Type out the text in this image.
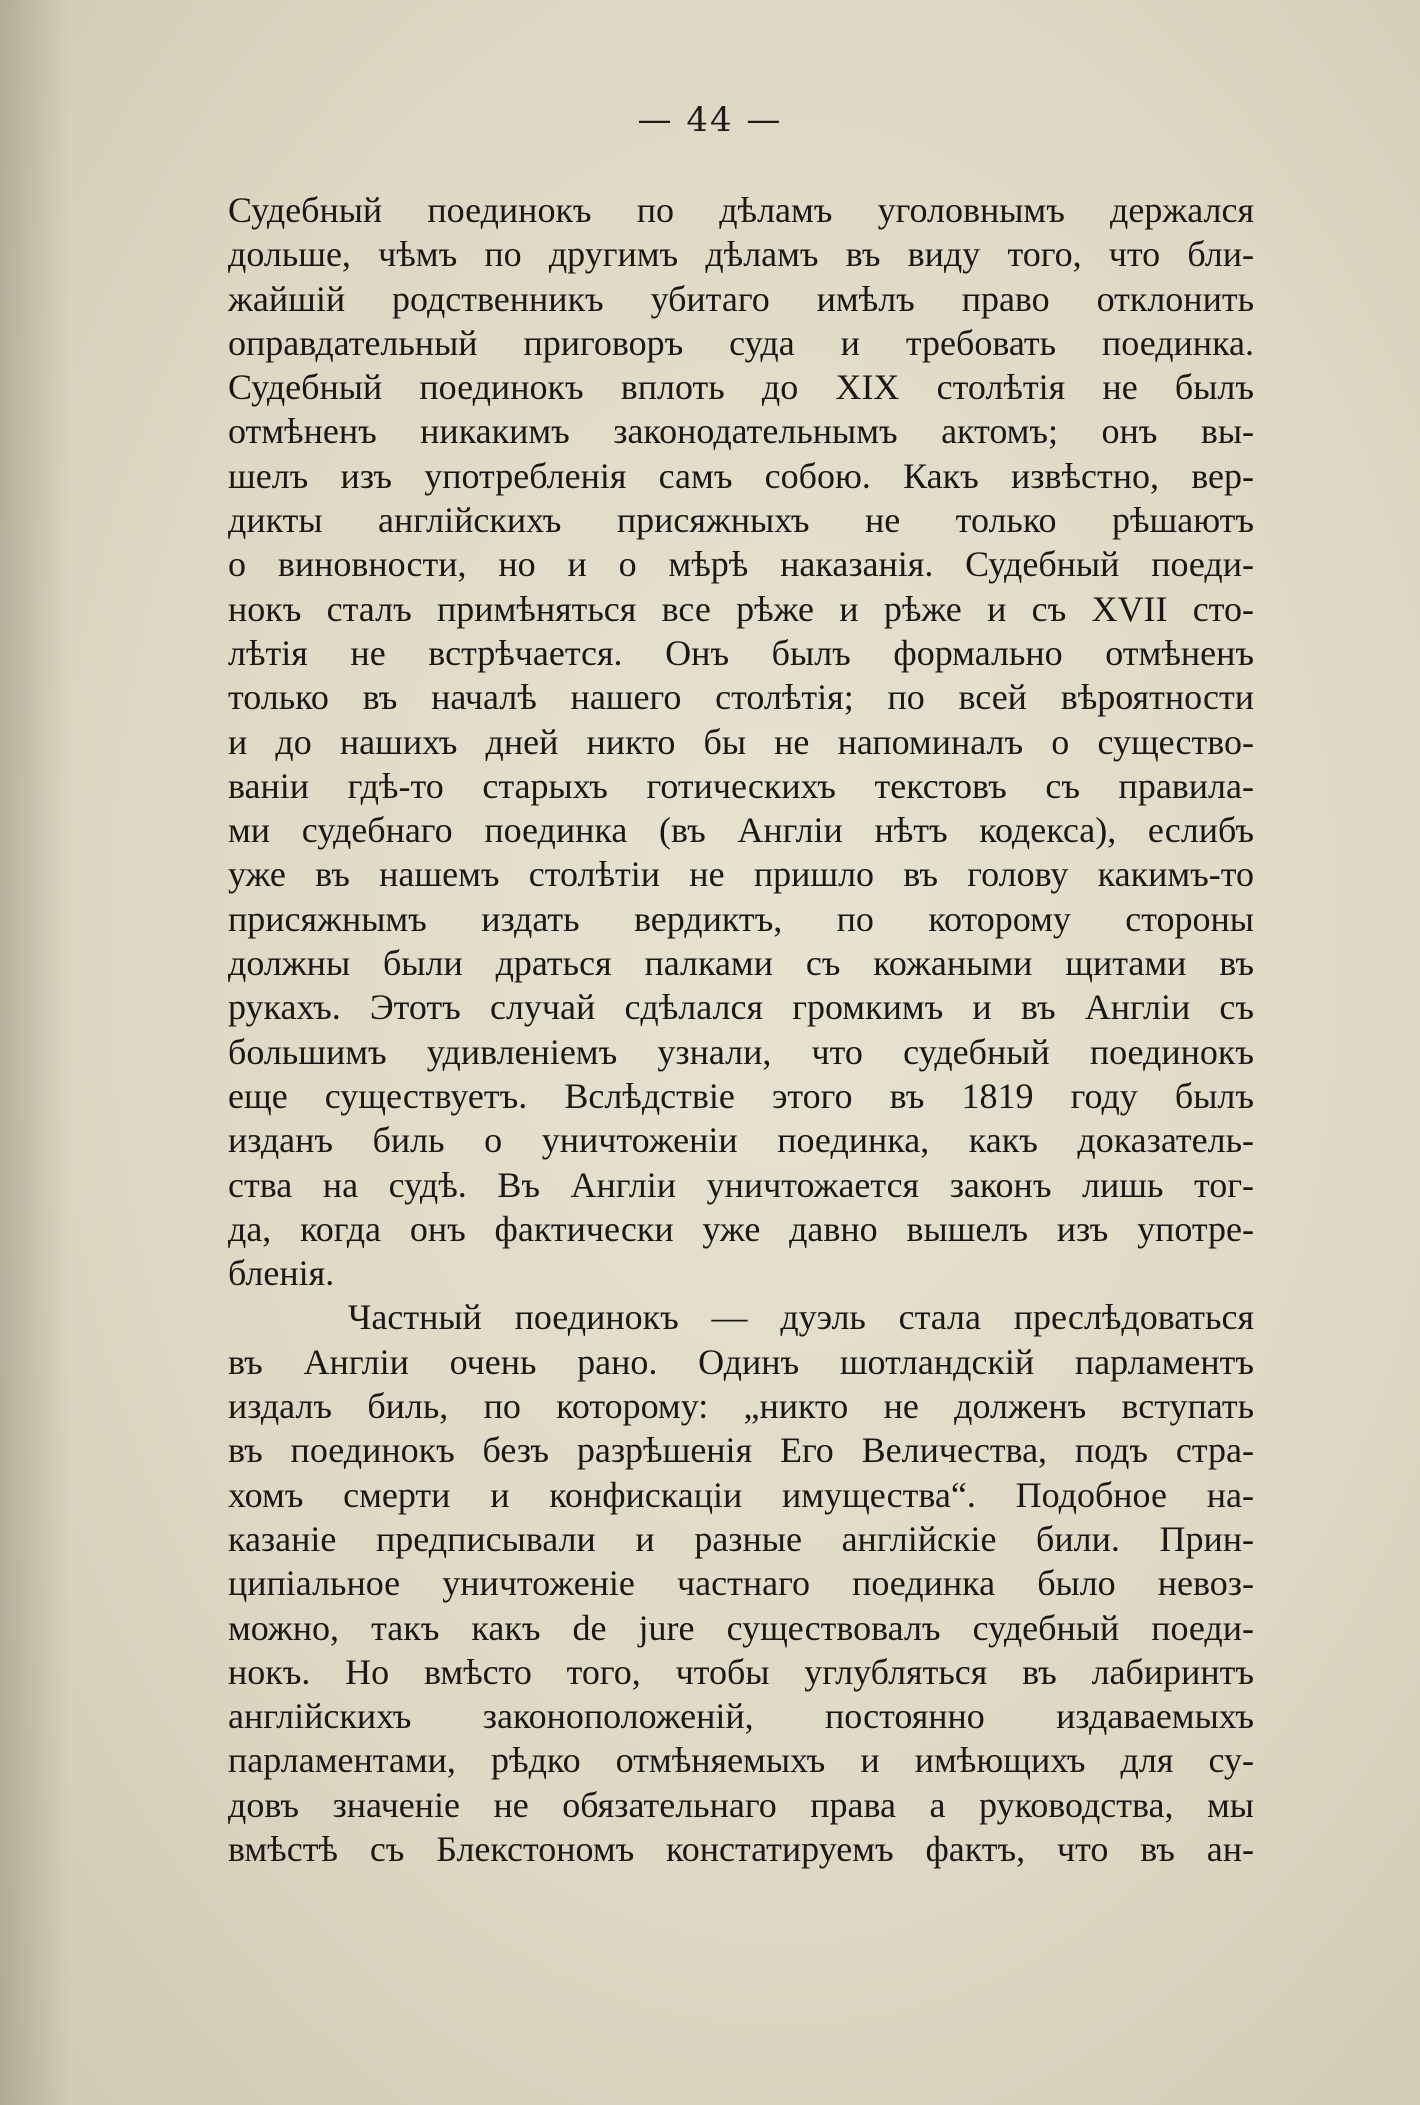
— 44 —
Судебный поединокъ по дѣламъ уголовнымъ держался
дольше, чѣмъ по другимъ дѣламъ въ виду того, что бли-
жайшій родственникъ убитаго имѣлъ право отклонить
оправдательный приговоръ суда и требовать поединка.
Судебный поединокъ вплоть до XIX столѣтія не былъ
отмѣненъ никакимъ законодательнымъ актомъ; онъ вы-
шелъ изъ употребленія самъ собою. Какъ извѣстно, вер-
дикты англійскихъ присяжныхъ не только рѣшаютъ
о виновности, но и о мѣрѣ наказанія. Судебный поеди-
нокъ сталъ примѣняться все рѣже и рѣже и съ XVII сто-
лѣтія не встрѣчается. Онъ былъ формально отмѣненъ
только въ началѣ нашего столѣтія; по всей вѣроятности
и до нашихъ дней никто бы не напоминалъ о существо-
ваніи гдѣ-то старыхъ готическихъ текстовъ съ правила-
ми судебнаго поединка (въ Англіи нѣтъ кодекса), еслибъ
уже въ нашемъ столѣтіи не пришло въ голову какимъ-то
присяжнымъ издать вердиктъ, по которому стороны
должны были драться палками съ кожаными щитами въ
рукахъ. Этотъ случай сдѣлался громкимъ и въ Англіи съ
большимъ удивленіемъ узнали, что судебный поединокъ
еще существуетъ. Вслѣдствіе этого въ 1819 году былъ
изданъ биль о уничтоженіи поединка, какъ доказатель-
ства на судѣ. Въ Англіи уничтожается законъ лишь тог-
да, когда онъ фактически уже давно вышелъ изъ употре-
бленія.
Частный поединокъ — дуэль стала преслѣдоваться
въ Англіи очень рано. Одинъ шотландскій парламентъ
издалъ биль, по которому: „никто не долженъ вступать
въ поединокъ безъ разрѣшенія Его Величества, подъ стра-
хомъ смерти и конфискаціи имущества“. Подобное на-
казаніе предписывали и разные англійскіе били. Прин-
ципіальное уничтоженіе частнаго поединка было невоз-
можно, такъ какъ de jure существовалъ судебный поеди-
нокъ. Но вмѣсто того, чтобы углубляться въ лабиринтъ
англійскихъ законоположеній, постоянно издаваемыхъ
парламентами, рѣдко отмѣняемыхъ и имѣющихъ для су-
довъ значеніе не обязательнаго права а руководства, мы
вмѣстѣ съ Блекстономъ констатируемъ фактъ, что въ ан-
